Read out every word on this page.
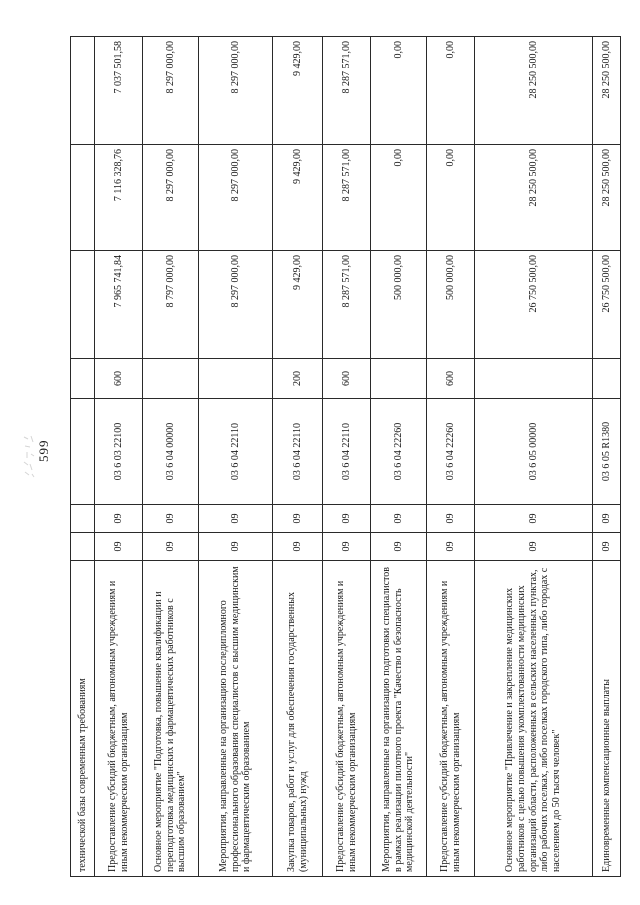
599
технической базы современным требованиям							
Предоставление субсидий бюджетным, автономным учреждениям и иным некоммерческим организациям	09	09	03 6 03 22100	600	7 965 741,84	7 116 328,76	7 037 501,58
Основное мероприятие "Подготовка, повышение квалификации и переподготовка медицинских и фармацевтических работников с высшим образованием"	09	09	03 6 04 00000		8 797 000,00	8 297 000,00	8 297 000,00
Мероприятия, направленные на организацию последипломного профессионального образования специалистов с высшим медицинским и фармацевтическим образованием	09	09	03 6 04 22110		8 297 000,00	8 297 000,00	8 297 000,00
Закупка товаров, работ и услуг для обеспечения государственных (муниципальных) нужд	09	09	03 6 04 22110	200	9 429,00	9 429,00	9 429,00
Предоставление субсидий бюджетным, автономным учреждениям и иным некоммерческим организациям	09	09	03 6 04 22110	600	8 287 571,00	8 287 571,00	8 287 571,00
Мероприятия, направленные на организацию подготовки специалистов в рамках реализации пилотного проекта "Качество и безопасность медицинской деятельности"	09	09	03 6 04 22260		500 000,00	0,00	0,00
Предоставление субсидий бюджетным, автономным учреждениям и иным некоммерческим организациям	09	09	03 6 04 22260	600	500 000,00	0,00	0,00
Основное мероприятие "Привлечение и закрепление медицинских работников с целью повышения укомплектованности медицинских организаций области, расположенных в сельских населенных пунктах, либо рабочих поселках, либо поселках городского типа, либо городах с населением до 50 тысяч человек"	09	09	03 6 05 00000		26 750 500,00	28 250 500,00	28 250 500,00
Единовременные компенсационные выплаты	09	09	03 6 05 R1380		26 750 500,00	28 250 500,00	28 250 500,00
